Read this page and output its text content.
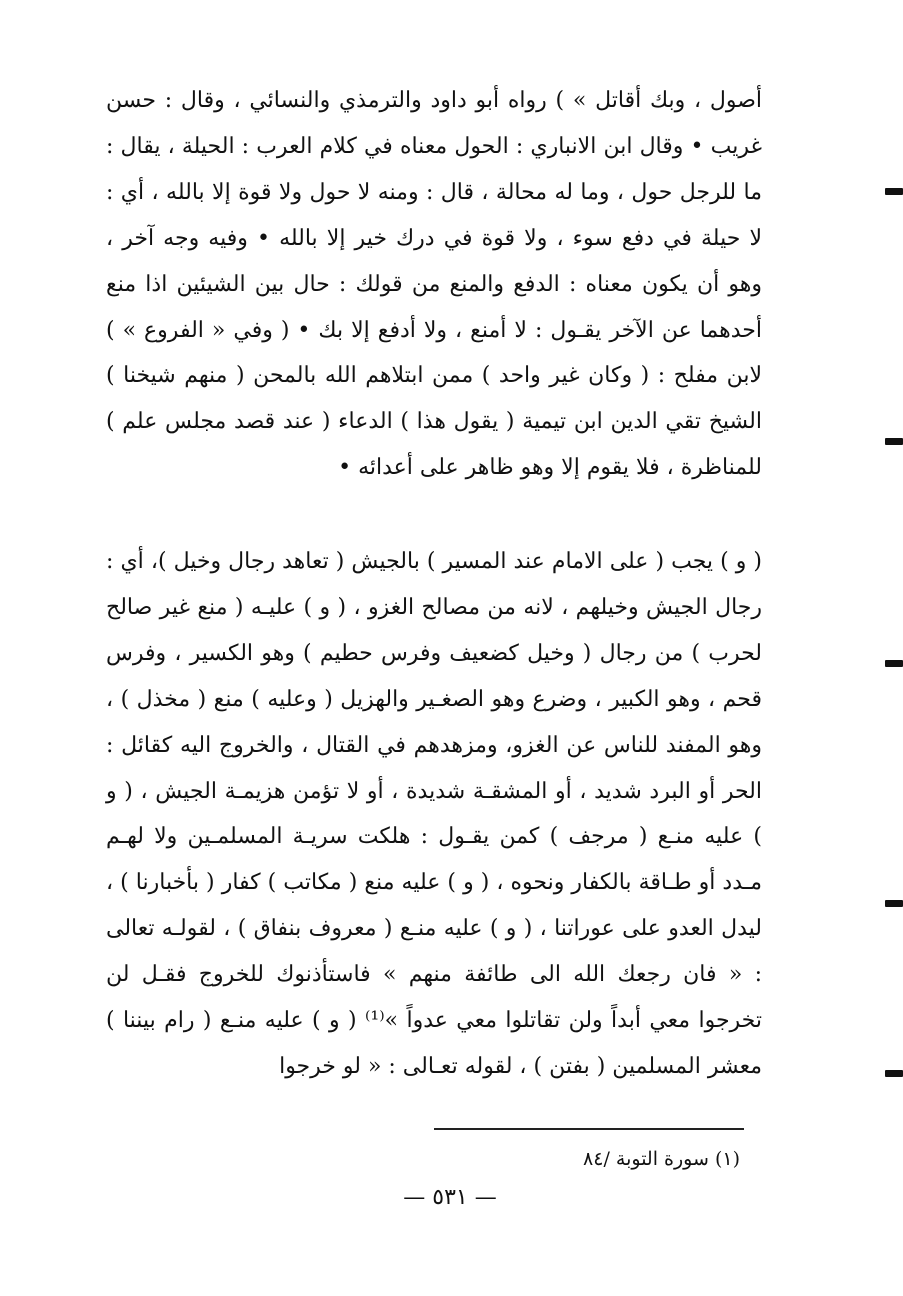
أصول ، وبك أقاتل » ) رواه أبو داود والترمذي والنسائي ، وقال : حسن غريب • وقال ابن الانباري : الحول معناه في كلام العرب : الحيلة ، يقال : ما للرجل حول ، وما له محالة ، قال : ومنه لا حول ولا قوة إلا بالله ، أي : لا حيلة في دفع سوء ، ولا قوة في درك خير إلا بالله • وفيه وجه آخر ، وهو أن يكون معناه : الدفع والمنع من قولك : حال بين الشيئين اذا منع أحدهما عن الآخر يقـول : لا أمنع ، ولا أدفع إلا بك • ( وفي « الفروع » ) لابن مفلح : ( وكان غير واحد ) ممن ابتلاهم الله بالمحن ( منهم شيخنا ) الشيخ تقي الدين ابن تيمية ( يقول هذا ) الدعاء ( عند قصد مجلس علم ) للمناظرة ، فلا يقوم إلا وهو ظاهر على أعدائه •

( و ) يجب ( على الامام عند المسير ) بالجيش ( تعاهد رجال وخيل )، أي : رجال الجيش وخيلهم ، لانه من مصالح الغزو ، ( و ) عليـه ( منع غير صالح لحرب ) من رجال ( وخيل كضعيف وفرس حطيم ) وهو الكسير ، وفرس قحم ، وهو الكبير ، وضرع وهو الصغـير والهزيل ( وعليه ) منع ( مخذل ) ، وهو المفند للناس عن الغزو، ومزهدهم في القتال ، والخروج اليه كقائل : الحر أو البرد شديد ، أو المشقـة شديدة ، أو لا تؤمن هزيمـة الجيش ، ( و ) عليه منـع ( مرجف ) كمن يقـول : هلكت سريـة المسلمـين ولا لهـم مـدد أو طـاقة بالكفار ونحوه ، ( و ) عليه منع ( مكاتب ) كفار ( بأخبارنا ) ، ليدل العدو على عوراتنا ، ( و ) عليه منـع ( معروف بنفاق ) ، لقولـه تعالى : « فان رجعك الله الى طائفة منهم » فاستأذنوك للخروج فقـل لن تخرجوا معي أبداً ولن تقاتلوا معي عدواً »⁽¹⁾ ( و ) عليه منـع ( رام بيننا ) معشر المسلمين ( بفتن ) ، لقوله تعـالى : « لو خرجوا

(١) سورة التوبة /٨٤
— ٥٣١ —
